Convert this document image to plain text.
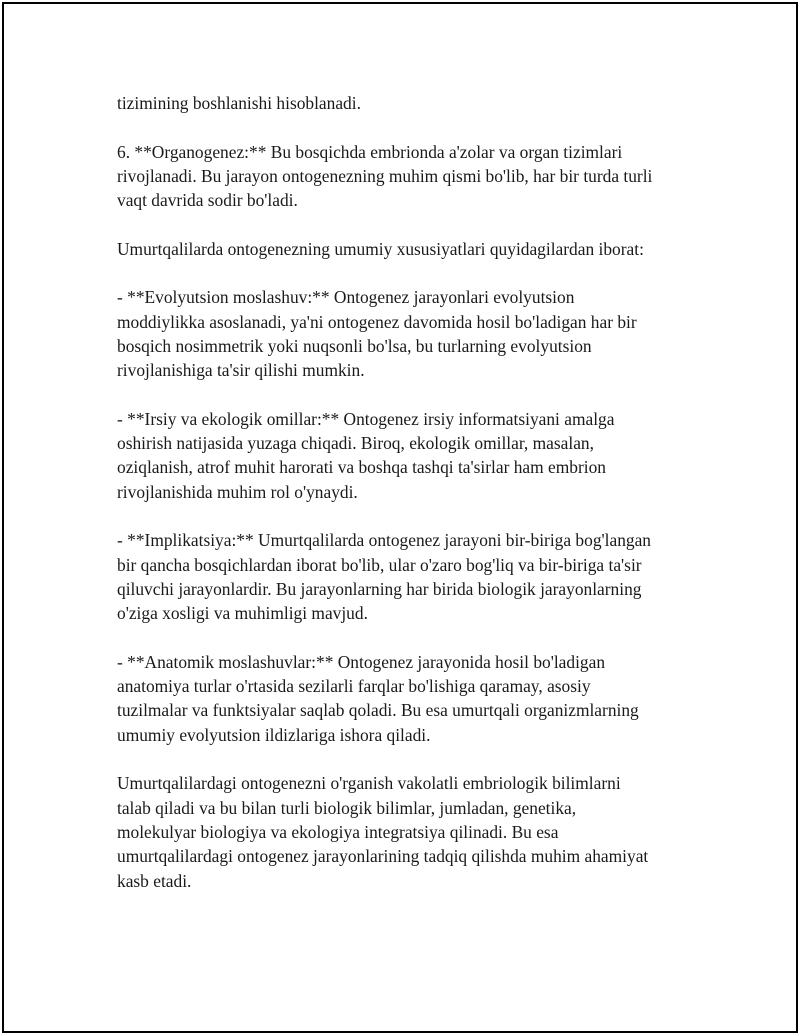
tizimining boshlanishi hisoblanadi.
6. **Organogenez:** Bu bosqichda embrionda a'zolar va organ tizimlari
rivojlanadi. Bu jarayon ontogenezning muhim qismi bo'lib, har bir turda turli
vaqt davrida sodir bo'ladi.
Umurtqalilarda ontogenezning umumiy xususiyatlari quyidagilardan iborat:
- **Evolyutsion moslashuv:** Ontogenez jarayonlari evolyutsion
moddiylikka asoslanadi, ya'ni ontogenez davomida hosil bo'ladigan har bir
bosqich nosimmetrik yoki nuqsonli bo'lsa, bu turlarning evolyutsion
rivojlanishiga ta'sir qilishi mumkin.
- **Irsiy va ekologik omillar:** Ontogenez irsiy informatsiyani amalga
oshirish natijasida yuzaga chiqadi. Biroq, ekologik omillar, masalan,
oziqlanish, atrof muhit harorati va boshqa tashqi ta'sirlar ham embrion
rivojlanishida muhim rol o'ynaydi.
- **Implikatsiya:** Umurtqalilarda ontogenez jarayoni bir-biriga bog'langan
bir qancha bosqichlardan iborat bo'lib, ular o'zaro bog'liq va bir-biriga ta'sir
qiluvchi jarayonlardir. Bu jarayonlarning har birida biologik jarayonlarning
o'ziga xosligi va muhimligi mavjud.
- **Anatomik moslashuvlar:** Ontogenez jarayonida hosil bo'ladigan
anatomiya turlar o'rtasida sezilarli farqlar bo'lishiga qaramay, asosiy
tuzilmalar va funktsiyalar saqlab qoladi. Bu esa umurtqali organizmlarning
umumiy evolyutsion ildizlariga ishora qiladi.
Umurtqalilardagi ontogenezni o'rganish vakolatli embriologik bilimlarni
talab qiladi va bu bilan turli biologik bilimlar, jumladan, genetika,
molekulyar biologiya va ekologiya integratsiya qilinadi. Bu esa
umurtqalilardagi ontogenez jarayonlarining tadqiq qilishda muhim ahamiyat
kasb etadi.
